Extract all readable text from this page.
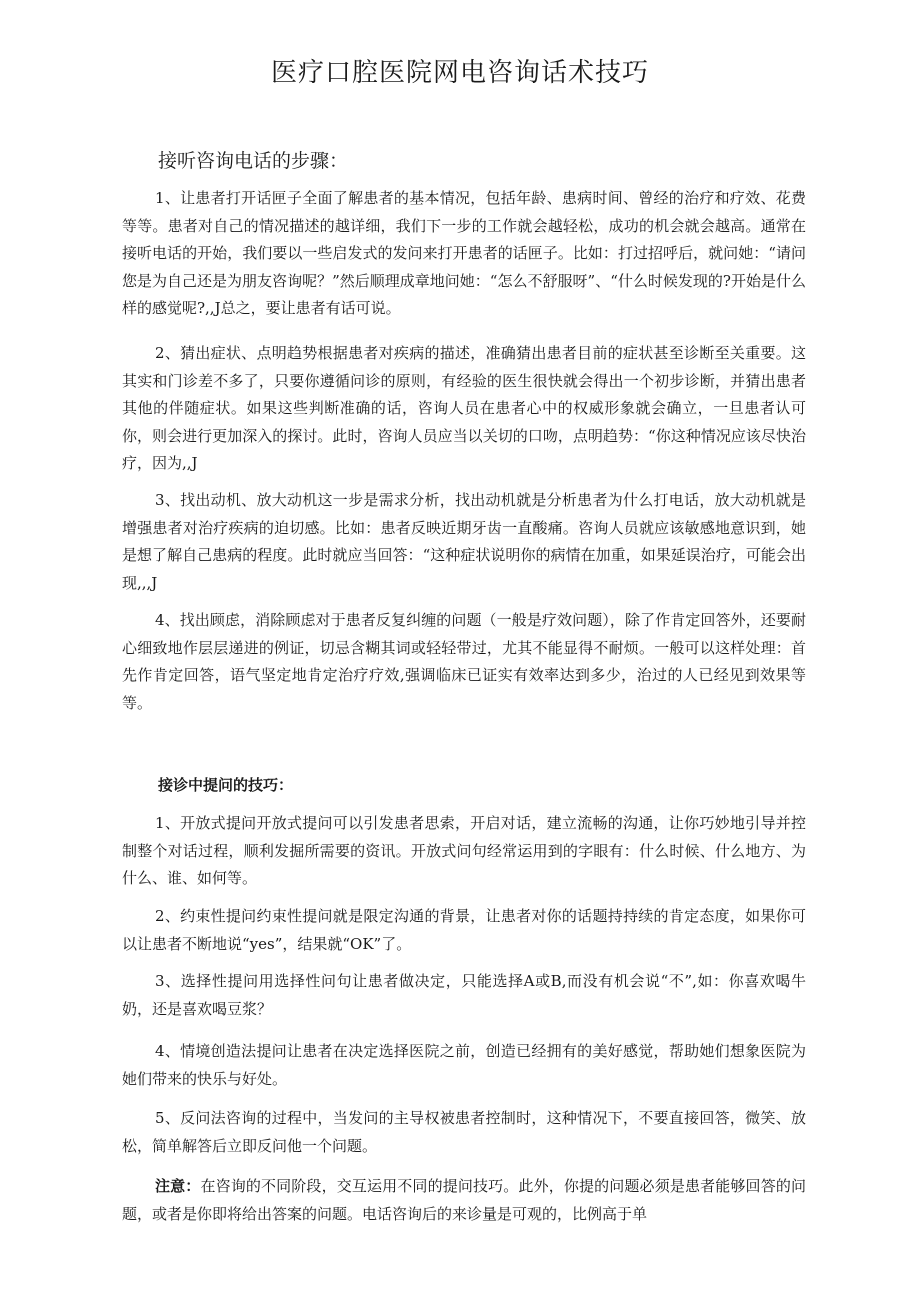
医疗口腔医院网电咨询话术技巧
接听咨询电话的步骤：

1、让患者打开话匣子全面了解患者的基本情况，包括年龄、患病时间、曾经的治疗和疗效、花费等等。患者对自己的情况描述的越详细，我们下一步的工作就会越轻松，成功的机会就会越高。通常在接听电话的开始，我们要以一些启发式的发问来打开患者的话匣子。比如：打过招呼后，就问她：“请问您是为自己还是为朋友咨询呢？”然后顺理成章地问她：“怎么不舒服呀”、“什么时候发现的?开始是什么样的感觉呢?,,J总之，要让患者有话可说。

2、猜出症状、点明趋势根据患者对疾病的描述，准确猜出患者目前的症状甚至诊断至关重要。这其实和门诊差不多了，只要你遵循问诊的原则，有经验的医生很快就会得出一个初步诊断，并猜出患者其他的伴随症状。如果这些判断准确的话，咨询人员在患者心中的权威形象就会确立，一旦患者认可你，则会进行更加深入的探讨。此时，咨询人员应当以关切的口吻，点明趋势：“你这种情况应该尽快治疗，因为,,J

3、找出动机、放大动机这一步是需求分析，找出动机就是分析患者为什么打电话，放大动机就是增强患者对治疗疾病的迫切感。比如：患者反映近期牙齿一直酸痛。咨询人员就应该敏感地意识到，她是想了解自己患病的程度。此时就应当回答：“这种症状说明你的病情在加重，如果延误治疗，可能会出现,,,J

4、找出顾虑，消除顾虑对于患者反复纠缠的问题（一般是疗效问题），除了作肯定回答外，还要耐心细致地作层层递进的例证，切忌含糊其词或轻轻带过，尤其不能显得不耐烦。一般可以这样处理：首先作肯定回答，语气坚定地肯定治疗疗效,强调临床已证实有效率达到多少，治过的人已经见到效果等等。

接诊中提问的技巧：

1、开放式提问开放式提问可以引发患者思索，开启对话，建立流畅的沟通，让你巧妙地引导并控制整个对话过程，顺利发掘所需要的资讯。开放式问句经常运用到的字眼有：什么时候、什么地方、为什么、谁、如何等。

2、约束性提问约束性提问就是限定沟通的背景，让患者对你的话题持持续的肯定态度，如果你可以让患者不断地说“yes”，结果就“OK”了。

3、选择性提问用选择性问句让患者做决定，只能选择A或B,而没有机会说“不”,如：你喜欢喝牛奶，还是喜欢喝豆浆？

4、情境创造法提问让患者在决定选择医院之前，创造已经拥有的美好感觉，帮助她们想象医院为她们带来的快乐与好处。

5、反问法咨询的过程中，当发问的主导权被患者控制时，这种情况下，不要直接回答，微笑、放松，简单解答后立即反问他一个问题。

注意：在咨询的不同阶段，交互运用不同的提问技巧。此外，你提的问题必须是患者能够回答的问题，或者是你即将给出答案的问题。电话咨询后的来诊量是可观的，比例高于单
